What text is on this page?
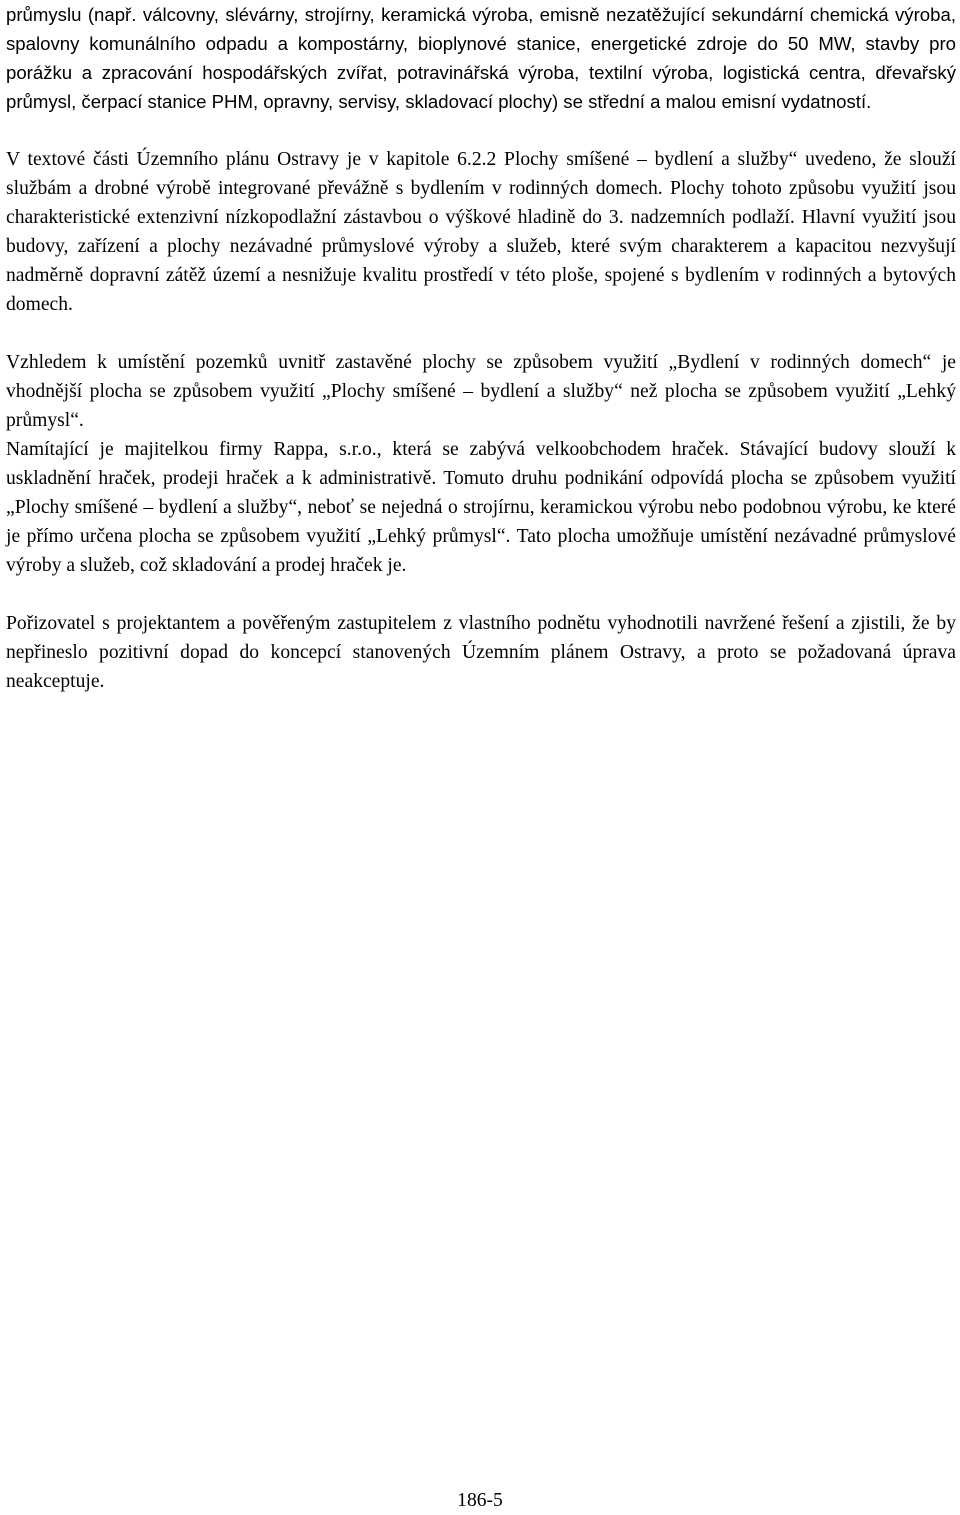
průmyslu (např. válcovny, slévárny, strojírny, keramická výroba, emisně nezatěžující sekundární chemická výroba, spalovny komunálního odpadu a kompostárny, bioplynové stanice, energetické zdroje do 50 MW, stavby pro porážku a zpracování hospodářských zvířat, potravinářská výroba, textilní výroba, logistická centra, dřevařský průmysl, čerpací stanice PHM, opravny, servisy, skladovací plochy) se střední a malou emisní vydatností.

V textové části Územního plánu Ostravy je v kapitole 6.2.2 Plochy smíšené – bydlení a služby“ uvedeno, že slouží službám a drobné výrobě integrované převážně s bydlením v rodinných domech. Plochy tohoto způsobu využití jsou charakteristické extenzivní nízkopodlažní zástavbou o výškové hladině do 3. nadzemních podlaží. Hlavní využití jsou budovy, zařízení a plochy nezávadné průmyslové výroby a služeb, které svým charakterem a kapacitou nezvyšují nadměrně dopravní zátěž území a nesnižuje kvalitu prostředí v této ploše, spojené s bydlením v rodinných a bytových domech.

Vzhledem k umístění pozemků uvnitř zastavěné plochy se způsobem využití „Bydlení v rodinných domech“ je vhodnější plocha se způsobem využití „Plochy smíšené – bydlení a služby“ než plocha se způsobem využití „Lehký průmysl“.

Namítající je majitelkou firmy Rappa, s.r.o., která se zabývá velkoobchodem hraček. Stávající budovy slouží k uskladnění hraček, prodeji hraček a k administrativě. Tomuto druhu podnikání odpovídá plocha se způsobem využití „Plochy smíšené – bydlení a služby“, neboť se nejedná o strojírnu, keramickou výrobu nebo podobnou výrobu, ke které je přímo určena plocha se způsobem využití „Lehký průmysl“. Tato plocha umožňuje umístění nezávadné průmyslové výroby a služeb, což skladování a prodej hraček je.

Pořizovatel s projektantem a pověřeným zastupitelem z vlastního podnětu vyhodnotili navržené řešení a zjistili, že by nepřineslo pozitivní dopad do koncepcí stanovených Územním plánem Ostravy, a proto se požadovaná úprava neakceptuje.

186-5
